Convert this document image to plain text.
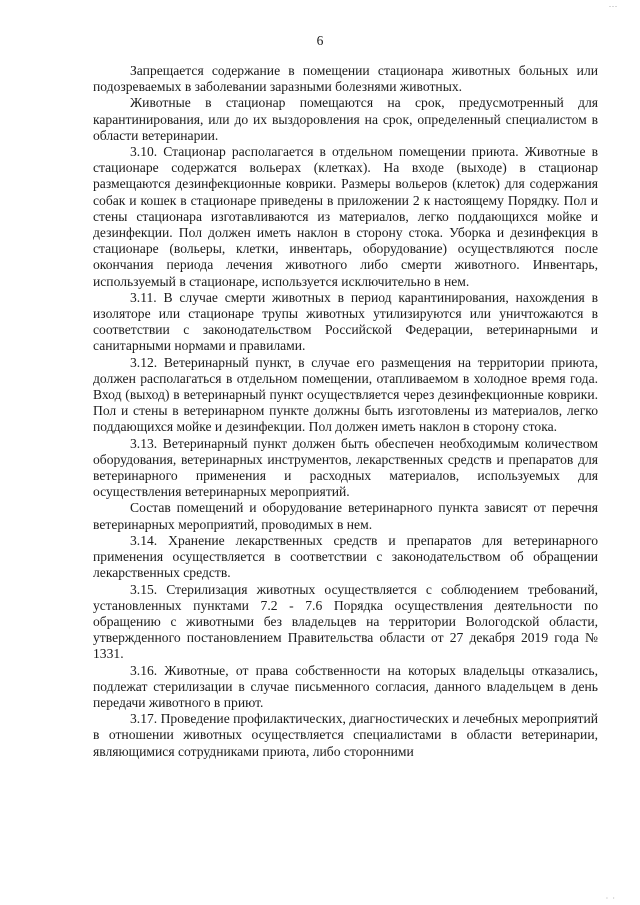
...
6

Запрещается содержание в помещении стационара животных больных или подозреваемых в заболевании заразными болезнями животных.

Животные в стационар помещаются на срок, предусмотренный для карантинирования, или до их выздоровления на срок, определенный специалистом в области ветеринарии.

3.10. Стационар располагается в отдельном помещении приюта. Животные в стационаре содержатся вольерах (клетках). На входе (выходе) в стационар размещаются дезинфекционные коврики. Размеры вольеров (клеток) для содержания собак и кошек в стационаре приведены в приложении 2 к настоящему Порядку. Пол и стены стационара изготавливаются из материалов, легко поддающихся мойке и дезинфекции. Пол должен иметь наклон в сторону стока. Уборка и дезинфекция в стационаре (вольеры, клетки, инвентарь, оборудование) осуществляются после окончания периода лечения животного либо смерти животного. Инвентарь, используемый в стационаре, используется исключительно в нем.

3.11. В случае смерти животных в период карантинирования, нахождения в изоляторе или стационаре трупы животных утилизируются или уничтожаются в соответствии с законодательством Российской Федерации, ветеринарными и санитарными нормами и правилами.

3.12. Ветеринарный пункт, в случае его размещения на территории приюта, должен располагаться в отдельном помещении, отапливаемом в холодное время года. Вход (выход) в ветеринарный пункт осуществляется через дезинфекционные коврики. Пол и стены в ветеринарном пункте должны быть изготовлены из материалов, легко поддающихся мойке и дезинфекции. Пол должен иметь наклон в сторону стока.

3.13. Ветеринарный пункт должен быть обеспечен необходимым количеством оборудования, ветеринарных инструментов, лекарственных средств и препаратов для ветеринарного применения и расходных материалов, используемых для осуществления ветеринарных мероприятий.

Состав помещений и оборудование ветеринарного пункта зависят от перечня ветеринарных мероприятий, проводимых в нем.

3.14. Хранение лекарственных средств и препаратов для ветеринарного применения осуществляется в соответствии с законодательством об обращении лекарственных средств.

3.15. Стерилизация животных осуществляется с соблюдением требований, установленных пунктами 7.2 - 7.6 Порядка осуществления деятельности по обращению с животными без владельцев на территории Вологодской области, утвержденного постановлением Правительства области от 27 декабря 2019 года № 1331.

3.16. Животные, от права собственности на которых владельцы отказались, подлежат стерилизации в случае письменного согласия, данного владельцем в день передачи животного в приют.

3.17. Проведение профилактических, диагностических и лечебных мероприятий в отношении животных осуществляется специалистами в области ветеринарии, являющимися сотрудниками приюта, либо сторонними

· ·
